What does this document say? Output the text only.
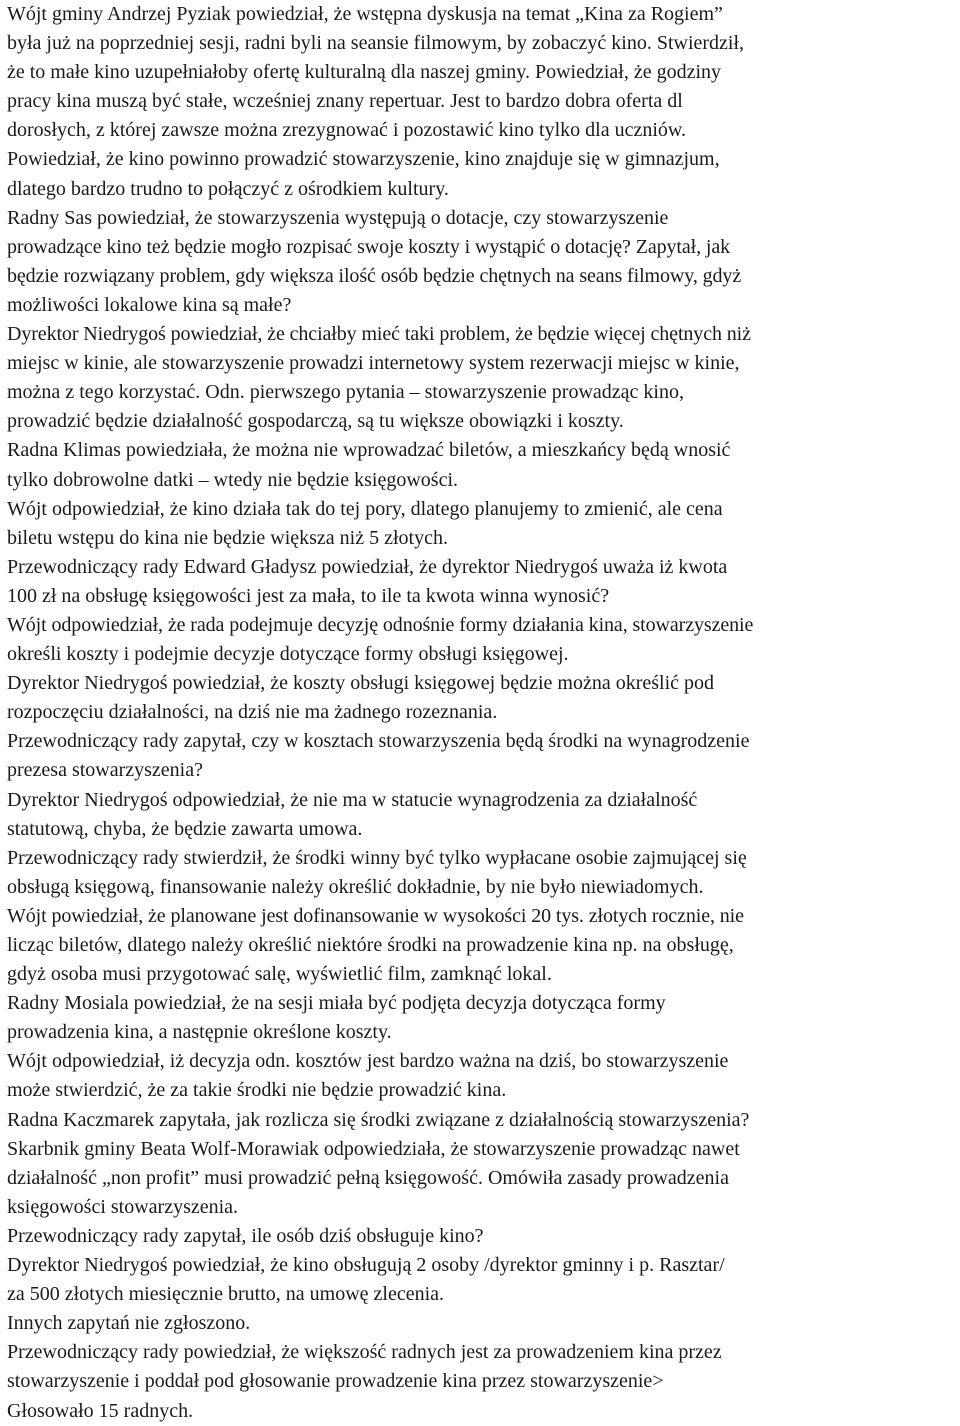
Wójt gminy Andrzej Pyziak powiedział, że wstępna dyskusja na temat „Kina za Rogiem”
była już na poprzedniej sesji, radni byli na seansie filmowym, by zobaczyć kino. Stwierdził,
że to małe kino uzupełniałoby ofertę kulturalną dla naszej gminy. Powiedział, że godziny
pracy kina muszą być stałe, wcześniej znany repertuar. Jest to bardzo dobra oferta dl
dorosłych, z której zawsze można zrezygnować i pozostawić kino tylko dla uczniów.
Powiedział, że kino powinno prowadzić stowarzyszenie, kino znajduje się w gimnazjum,
dlatego bardzo trudno to połączyć z ośrodkiem kultury.
Radny Sas powiedział, że stowarzyszenia występują o dotacje, czy stowarzyszenie
prowadzące kino też będzie mogło rozpisać swoje koszty i wystąpić o dotację? Zapytał, jak
będzie rozwiązany problem, gdy większa ilość osób będzie chętnych na seans filmowy, gdyż
możliwości lokalowe kina są małe?
Dyrektor Niedrygoś powiedział, że chciałby mieć taki problem, że będzie więcej chętnych niż
miejsc w kinie, ale stowarzyszenie prowadzi internetowy system rezerwacji miejsc w kinie,
można z tego korzystać. Odn. pierwszego pytania – stowarzyszenie prowadząc kino,
prowadzić będzie działalność gospodarczą, są tu większe obowiązki i koszty.
Radna Klimas powiedziała, że można nie wprowadzać biletów, a mieszkańcy będą wnosić
tylko dobrowolne datki – wtedy nie będzie księgowości.
Wójt odpowiedział, że kino działa tak do tej pory, dlatego planujemy to zmienić, ale cena
biletu wstępu do kina nie będzie większa niż 5 złotych.
Przewodniczący rady Edward Gładysz powiedział, że dyrektor Niedrygoś uważa iż kwota
100 zł na obsługę księgowości jest za mała, to ile ta kwota winna wynosić?
Wójt odpowiedział, że rada podejmuje decyzję odnośnie formy działania kina, stowarzyszenie
określi koszty i podejmie decyzje dotyczące formy obsługi księgowej.
Dyrektor Niedrygoś powiedział, że koszty obsługi księgowej będzie można określić pod
rozpoczęciu działalności, na dziś nie ma żadnego rozeznania.
Przewodniczący rady zapytał, czy w kosztach stowarzyszenia będą środki na wynagrodzenie
prezesa stowarzyszenia?
Dyrektor Niedrygoś odpowiedział, że nie ma w statucie wynagrodzenia za działalność
statutową, chyba, że będzie zawarta umowa.
Przewodniczący rady stwierdził, że środki winny być tylko wypłacane osobie zajmującej się
obsługą księgową, finansowanie należy określić dokładnie, by nie było niewiadomych.
Wójt powiedział, że planowane jest dofinansowanie w wysokości 20 tys. złotych rocznie, nie
licząc biletów, dlatego należy określić niektóre środki na prowadzenie kina np. na obsługę,
gdyż osoba musi przygotować salę, wyświetlić film, zamknąć lokal.
Radny Mosiala powiedział, że na sesji miała być podjęta decyzja dotycząca formy
prowadzenia kina, a następnie określone koszty.
Wójt odpowiedział, iż decyzja odn. kosztów jest bardzo ważna na dziś, bo stowarzyszenie
może stwierdzić, że za takie środki nie będzie prowadzić kina.
Radna Kaczmarek zapytała, jak rozlicza się środki związane z działalnością stowarzyszenia?
Skarbnik gminy Beata Wolf-Morawiak odpowiedziała, że stowarzyszenie prowadząc nawet
działalność „non profit” musi prowadzić pełną księgowość. Omówiła zasady prowadzenia
księgowości stowarzyszenia.
Przewodniczący rady zapytał, ile osób dziś obsługuje kino?
Dyrektor Niedrygoś powiedział, że kino obsługują 2 osoby /dyrektor gminny i p. Rasztar/
za 500 złotych miesięcznie brutto, na umowę zlecenia.
Innych zapytań nie zgłoszono.
Przewodniczący rady powiedział, że większość radnych jest za prowadzeniem kina przez
stowarzyszenie i poddał pod głosowanie prowadzenie kina przez stowarzyszenie>
Głosowało 15 radnych.
